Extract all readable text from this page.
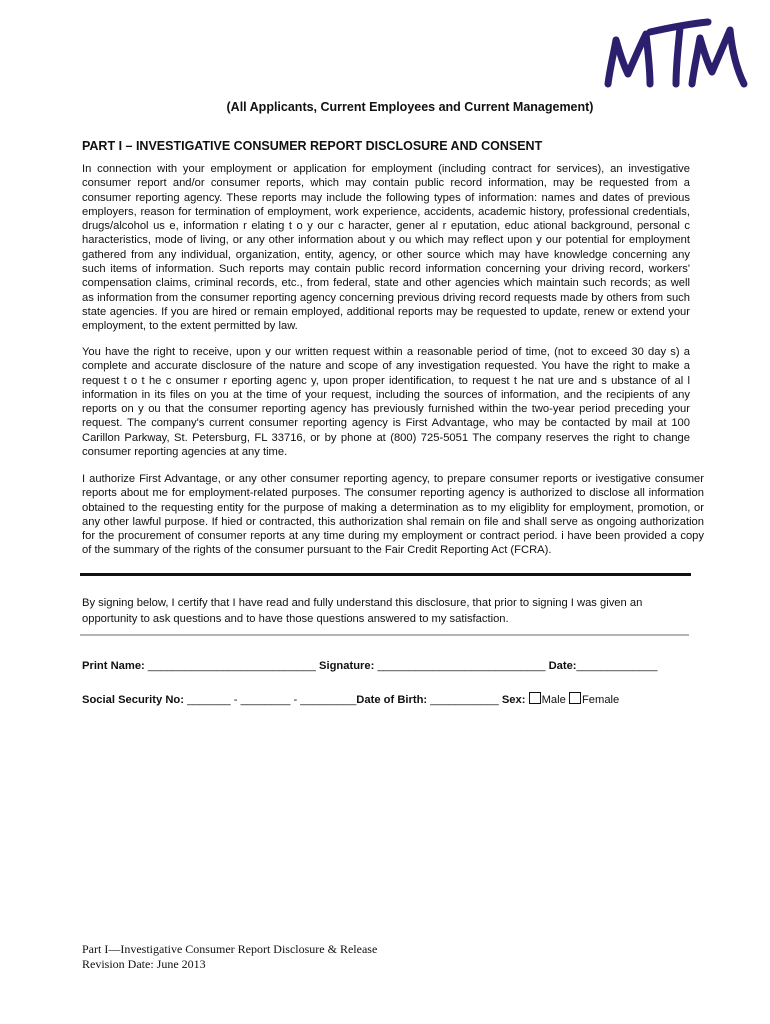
(All Applicants, Current Employees and Current Management)
PART I – INVESTIGATIVE CONSUMER REPORT DISCLOSURE AND CONSENT

In connection with your employment or application for employment (including contract for services), an investigative consumer report and/or consumer reports, which may contain public record information, may be requested from a consumer reporting agency. These reports may include the following types of information: names and dates of previous employers, reason for termination of employment, work experience, accidents, academic history, professional credentials, drugs/alcohol us e, information r elating t o y our c haracter, gener al r eputation, educ ational background, personal c haracteristics, mode of living, or any other information about y ou which may reflect upon y our potential for employment gathered from any individual, organization, entity, agency, or other source which may have knowledge concerning any such items of information. Such reports may contain public record information concerning your driving record, workers' compensation claims, criminal records, etc., from federal, state and other agencies which maintain such records; as well as information from the consumer reporting agency concerning previous driving record requests made by others from such state agencies. If you are hired or remain employed, additional reports may be requested to update, renew or extend your employment, to the extent permitted by law.

You have the right to receive, upon y our written request within a reasonable period of time, (not to exceed 30 day s) a complete and accurate disclosure of the nature and scope of any investigation requested. You have the right to make a request t o t he c onsumer r eporting agenc y, upon proper identification, to request t he nat ure and s ubstance of al l information in its files on you at the time of your request, including the sources of information, and the recipients of any reports on y ou that the consumer reporting agency has previously furnished within the two-year period preceding your request. The company's current consumer reporting agency is First Advantage, who may be contacted by mail at 100 Carillon Parkway, St. Petersburg, FL 33716, or by phone at (800) 725-5051 The company reserves the right to change consumer reporting agencies at any time.

I authorize First Advantage, or any other consumer reporting agency, to prepare consumer reports or ivestigative consumer reports about me for employment-related purposes. The consumer reporting agency is authorized to disclose all information obtained to the requesting entity for the purpose of making a determination as to my eligiblity for employment, promotion, or any other lawful purpose. If hied or contracted, this authorization shal remain on file and shall serve as ongoing authorization for the procurement of consumer reports at any time during my employment or contract period. i have been provided a copy of the summary of the rights of the consumer pursuant to the Fair Credit Reporting Act (FCRA).

By signing below, I certify that I have read and fully understand this disclosure, that prior to signing I was given an opportunity to ask questions and to have those questions answered to my satisfaction.

Print Name: ___________________________ Signature: ___________________________ Date:_____________
Social Security No: _______ - ________ - _________Date of Birth: ___________ Sex: Male Female
Part I—Investigative Consumer Report Disclosure & Release
Revision Date: June 2013
